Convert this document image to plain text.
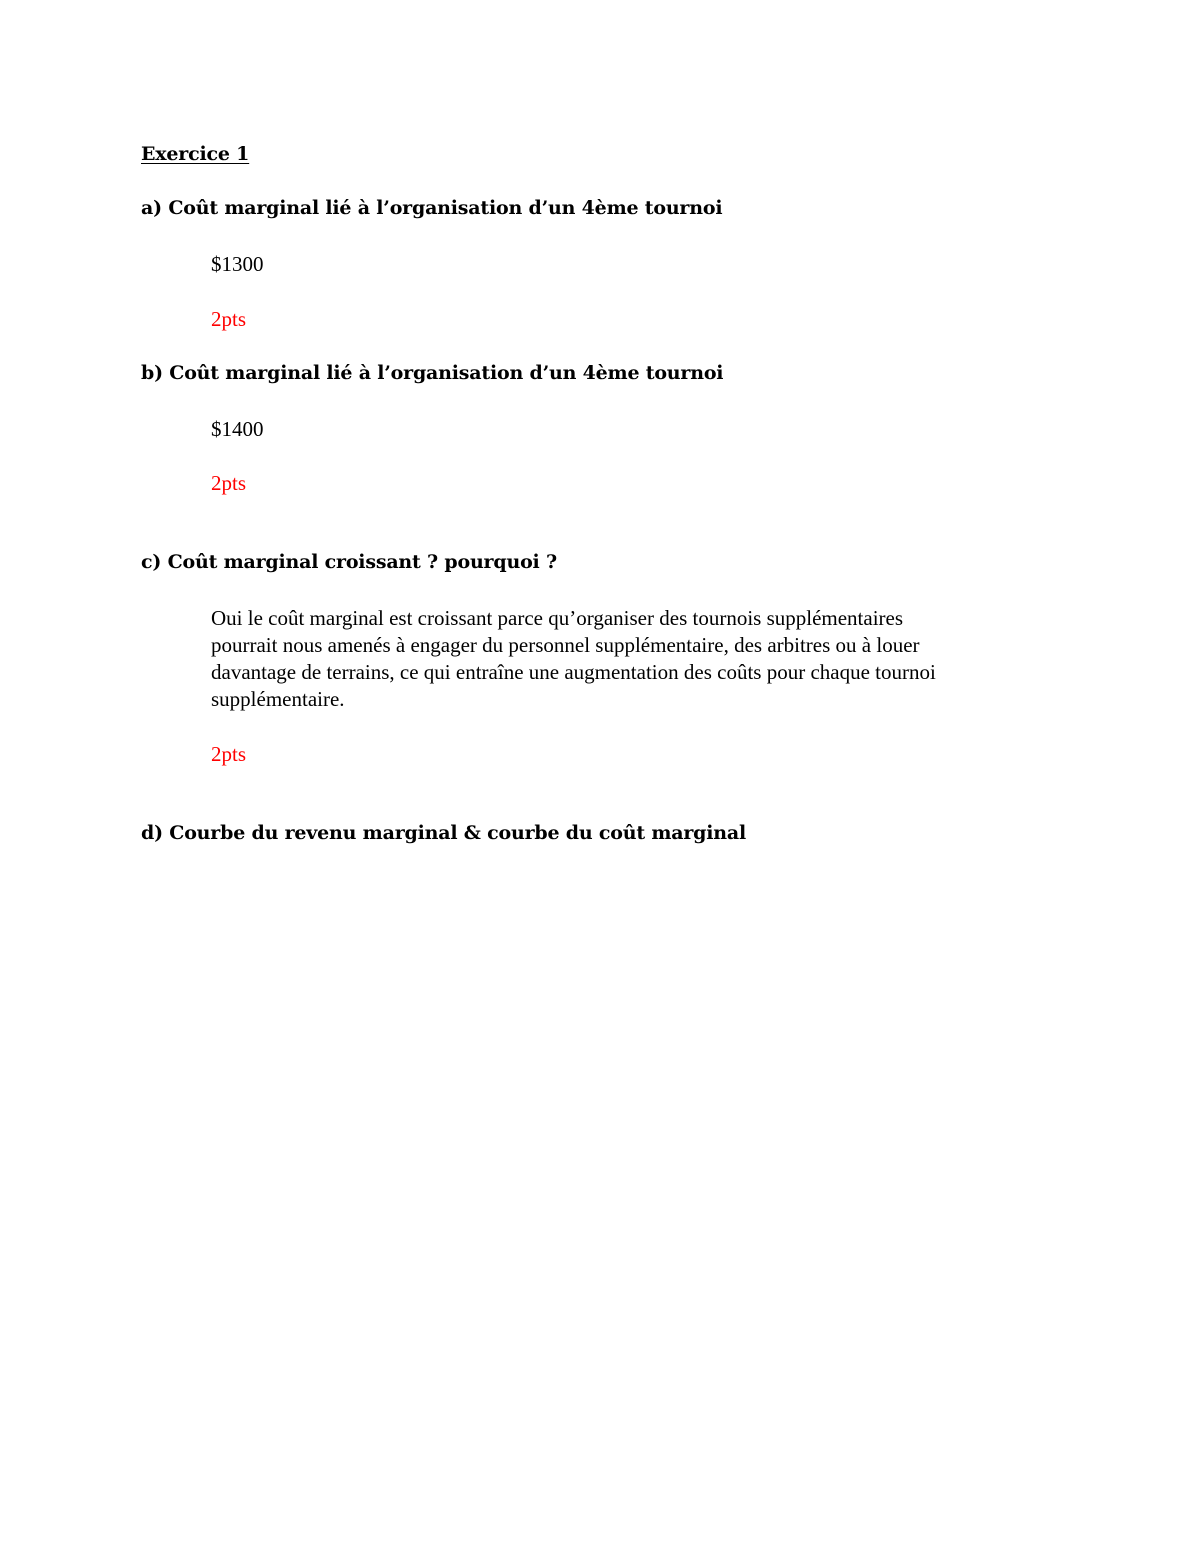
Exercice 1
a) Coût marginal lié à l’organisation d’un 4ème tournoi
$1300
2pts
b) Coût marginal lié à l’organisation d’un 4ème tournoi
$1400
2pts
c) Coût marginal croissant ? pourquoi ?
Oui le coût marginal est croissant parce qu’organiser des tournois supplémentaires
pourrait nous amenés à engager du personnel supplémentaire, des arbitres ou à louer
davantage de terrains, ce qui entraîne une augmentation des coûts pour chaque tournoi
supplémentaire.
2pts
d) Courbe du revenu marginal & courbe du coût marginal
